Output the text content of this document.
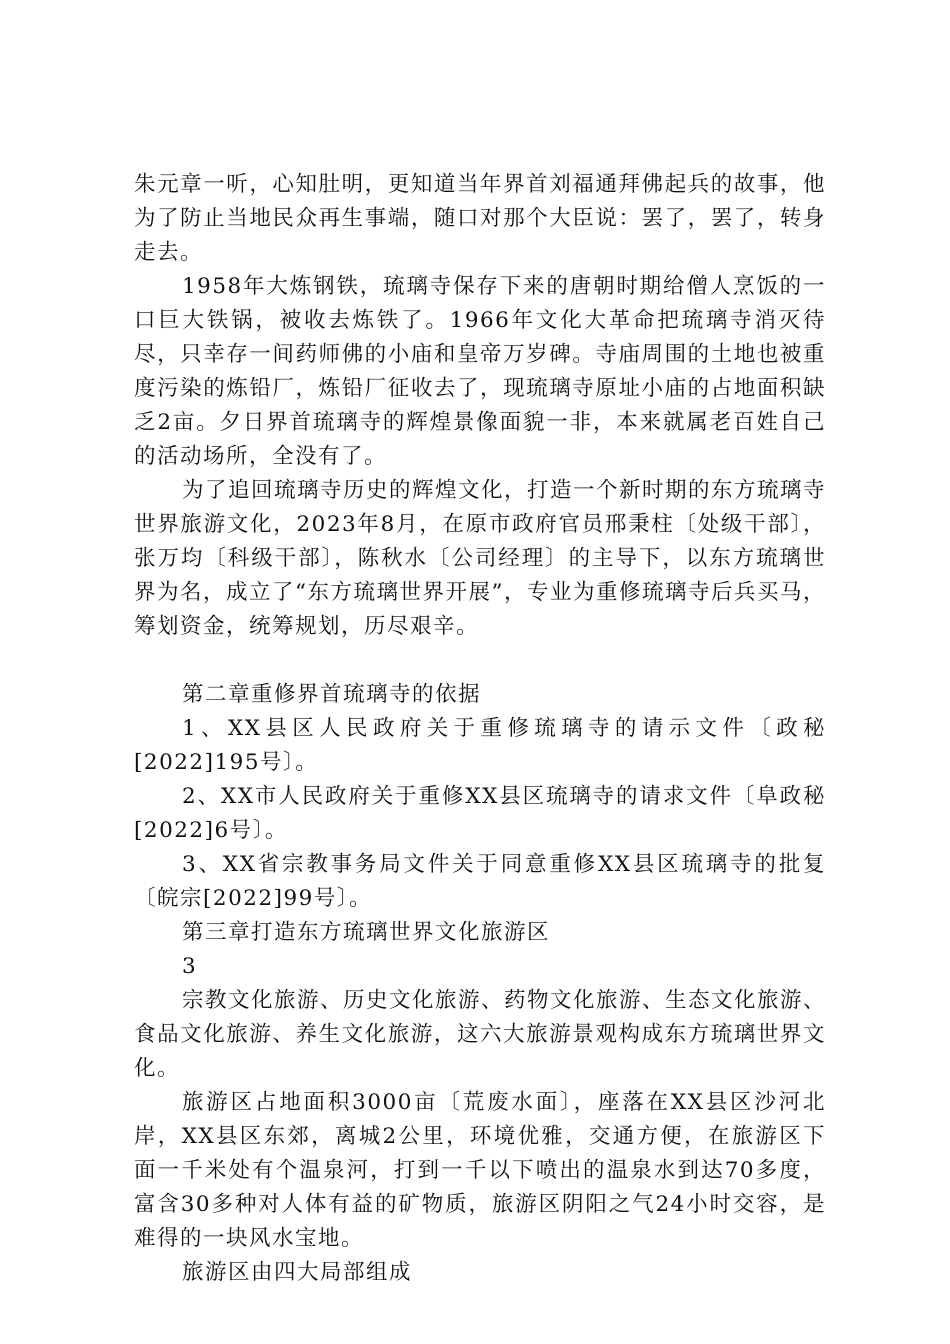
朱元章一听，心知肚明，更知道当年界首刘福通拜佛起兵的故事，他为了防止当地民众再生事端，随口对那个大臣说：罢了，罢了，转身走去。

1958年大炼钢铁，琉璃寺保存下来的唐朝时期给僧人烹饭的一口巨大铁锅，被收去炼铁了。1966年文化大革命把琉璃寺消灭待尽，只幸存一间药师佛的小庙和皇帝万岁碑。寺庙周围的土地也被重度污染的炼铅厂，炼铅厂征收去了，现琉璃寺原址小庙的占地面积缺乏2亩。夕日界首琉璃寺的辉煌景像面貌一非，本来就属老百姓自己的活动场所，全没有了。

为了追回琉璃寺历史的辉煌文化，打造一个新时期的东方琉璃寺世界旅游文化，2023年8月，在原市政府官员邢秉柱〔处级干部〕，张万均〔科级干部〕，陈秋水〔公司经理〕的主导下，以东方琉璃世界为名，成立了“东方琉璃世界开展”，专业为重修琉璃寺后兵买马，筹划资金，统筹规划，历尽艰辛。

第二章重修界首琉璃寺的依据

1、XX县区人民政府关于重修琉璃寺的请示文件〔政秘[2022]195号〕。

2、XX市人民政府关于重修XX县区琉璃寺的请求文件〔阜政秘[2022]6号〕。

3、XX省宗教事务局文件关于同意重修XX县区琉璃寺的批复〔皖宗[2022]99号〕。

第三章打造东方琉璃世界文化旅游区

3

宗教文化旅游、历史文化旅游、药物文化旅游、生态文化旅游、食品文化旅游、养生文化旅游，这六大旅游景观构成东方琉璃世界文化。

旅游区占地面积3000亩〔荒废水面〕，座落在XX县区沙河北岸，XX县区东郊，离城2公里，环境优雅，交通方便，在旅游区下面一千米处有个温泉河，打到一千以下喷出的温泉水到达70多度，富含30多种对人体有益的矿物质，旅游区阴阳之气24小时交容，是难得的一块风水宝地。

旅游区由四大局部组成
